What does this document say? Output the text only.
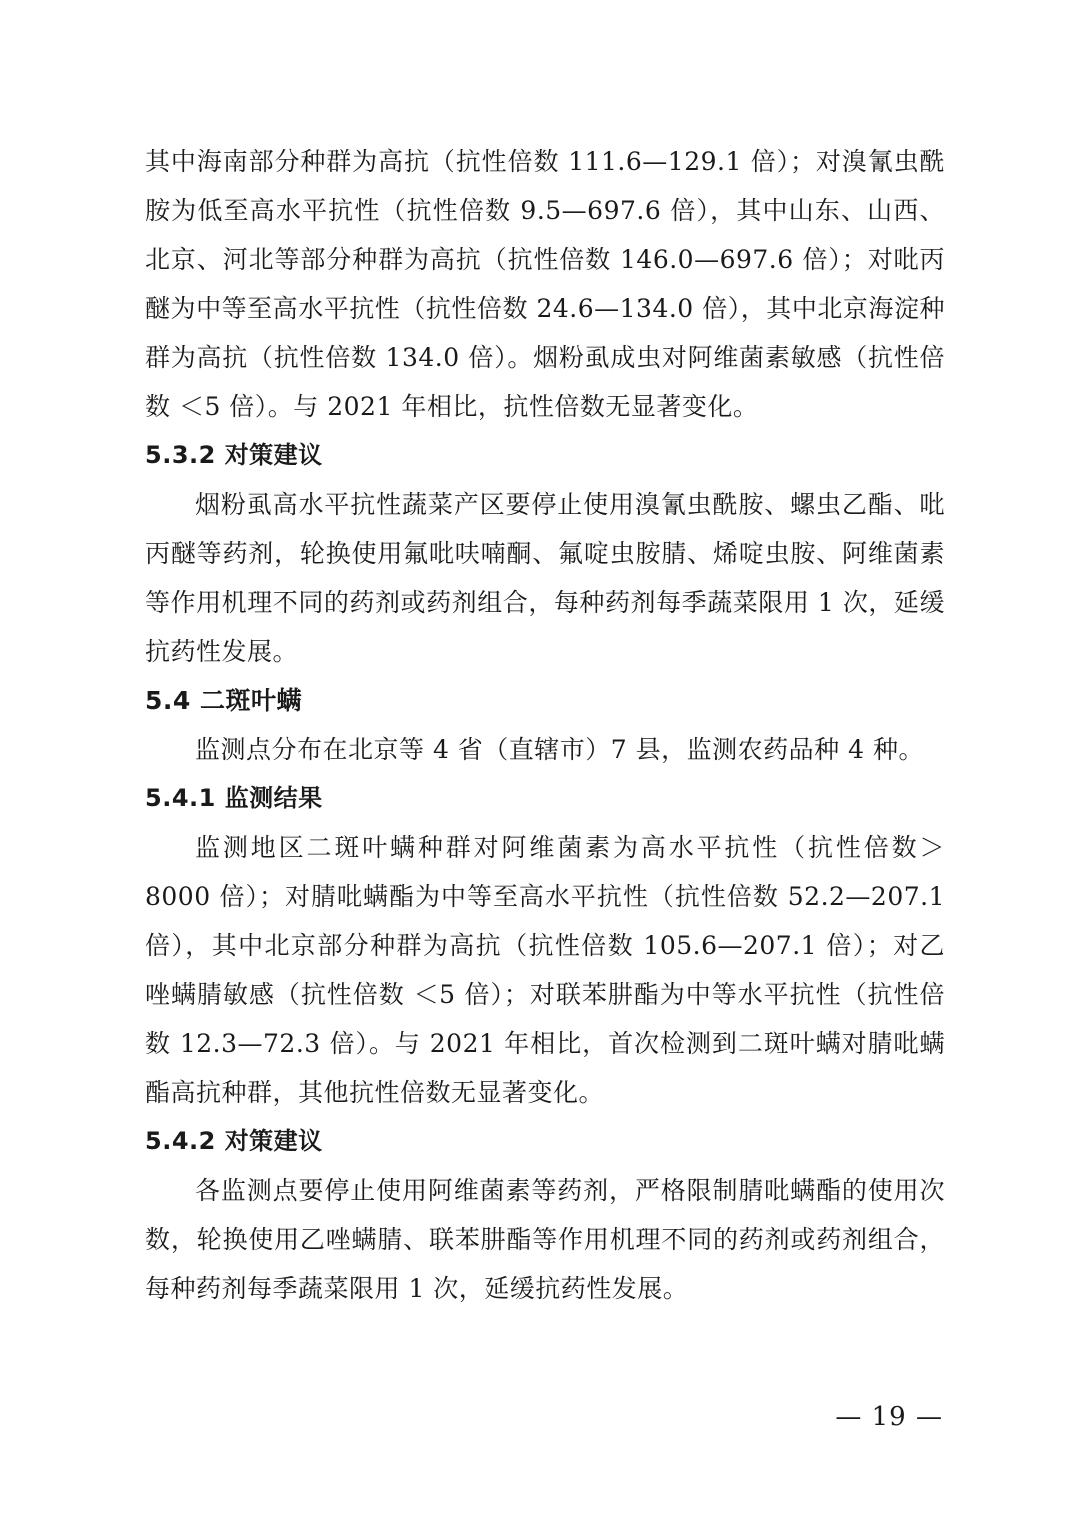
其中海南部分种群为高抗（抗性倍数 111.6—129.1 倍）；对溴氰虫酰胺为低至高水平抗性（抗性倍数 9.5—697.6 倍），其中山东、山西、北京、河北等部分种群为高抗（抗性倍数 146.0—697.6 倍）；对吡丙醚为中等至高水平抗性（抗性倍数 24.6—134.0 倍），其中北京海淀种群为高抗（抗性倍数 134.0 倍）。烟粉虱成虫对阿维菌素敏感（抗性倍数 ＜5 倍）。与 2021 年相比，抗性倍数无显著变化。

5.3.2 对策建议

烟粉虱高水平抗性蔬菜产区要停止使用溴氰虫酰胺、螺虫乙酯、吡丙醚等药剂，轮换使用氟吡呋喃酮、氟啶虫胺腈、烯啶虫胺、阿维菌素等作用机理不同的药剂或药剂组合，每种药剂每季蔬菜限用 1 次，延缓抗药性发展。

5.4 二斑叶螨

监测点分布在北京等 4 省（直辖市）7 县，监测农药品种 4 种。

5.4.1 监测结果

监测地区二斑叶螨种群对阿维菌素为高水平抗性（抗性倍数＞8000 倍）；对腈吡螨酯为中等至高水平抗性（抗性倍数 52.2—207.1 倍），其中北京部分种群为高抗（抗性倍数 105.6—207.1 倍）；对乙唑螨腈敏感（抗性倍数 ＜5 倍）；对联苯肼酯为中等水平抗性（抗性倍数 12.3—72.3 倍）。与 2021 年相比，首次检测到二斑叶螨对腈吡螨酯高抗种群，其他抗性倍数无显著变化。

5.4.2 对策建议

各监测点要停止使用阿维菌素等药剂，严格限制腈吡螨酯的使用次数，轮换使用乙唑螨腈、联苯肼酯等作用机理不同的药剂或药剂组合，每种药剂每季蔬菜限用 1 次，延缓抗药性发展。

— 19 —
